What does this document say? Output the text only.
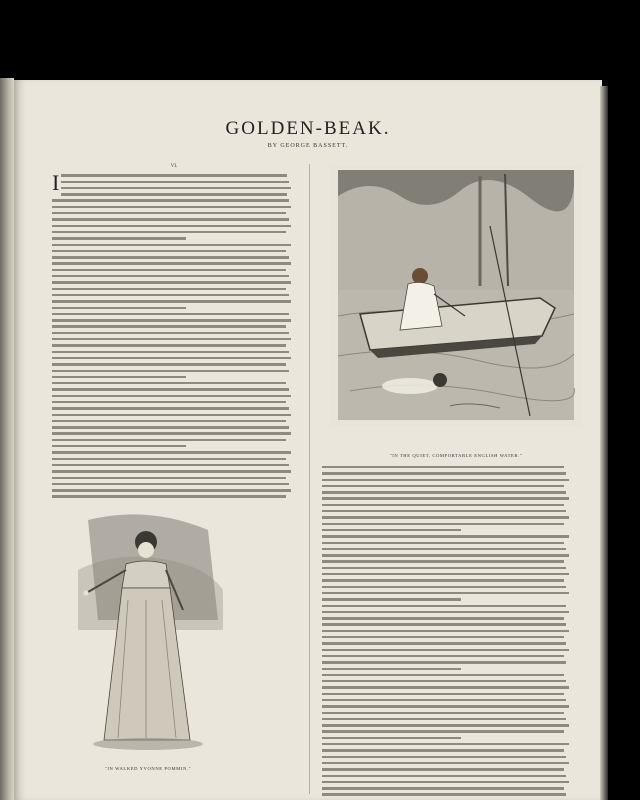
GOLDEN-BEAK.
BY GEORGE BASSETT.
VI.
I
"IN THE QUIET, COMFORTABLE ENGLISH WATER."
"IN WALKED YVONNE POMMIN."
